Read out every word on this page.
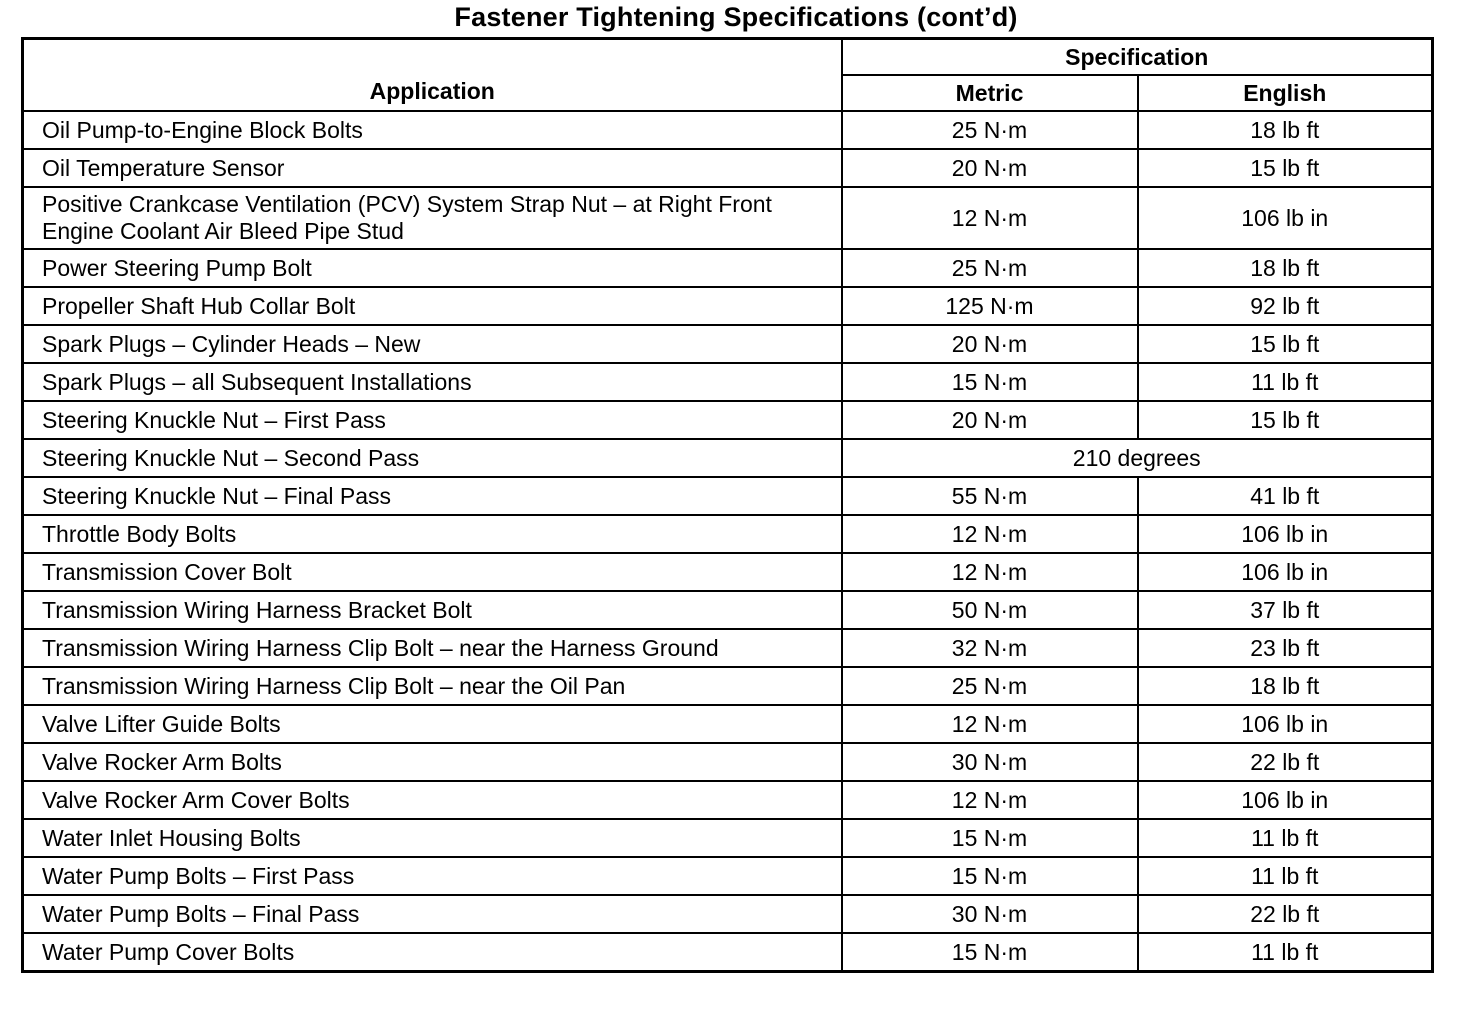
Fastener Tightening Specifications (cont’d)
Application	Specification	
	Metric	English
Oil Pump-to-Engine Block Bolts	25 N·m	18 lb ft
Oil Temperature Sensor	20 N·m	15 lb ft
Positive Crankcase Ventilation (PCV) System Strap Nut – at Right Front Engine Coolant Air Bleed Pipe Stud	12 N·m	106 lb in
Power Steering Pump Bolt	25 N·m	18 lb ft
Propeller Shaft Hub Collar Bolt	125 N·m	92 lb ft
Spark Plugs – Cylinder Heads – New	20 N·m	15 lb ft
Spark Plugs – all Subsequent Installations	15 N·m	11 lb ft
Steering Knuckle Nut – First Pass	20 N·m	15 lb ft
Steering Knuckle Nut – Second Pass	210 degrees	
Steering Knuckle Nut – Final Pass	55 N·m	41 lb ft
Throttle Body Bolts	12 N·m	106 lb in
Transmission Cover Bolt	12 N·m	106 lb in
Transmission Wiring Harness Bracket Bolt	50 N·m	37 lb ft
Transmission Wiring Harness Clip Bolt – near the Harness Ground	32 N·m	23 lb ft
Transmission Wiring Harness Clip Bolt – near the Oil Pan	25 N·m	18 lb ft
Valve Lifter Guide Bolts	12 N·m	106 lb in
Valve Rocker Arm Bolts	30 N·m	22 lb ft
Valve Rocker Arm Cover Bolts	12 N·m	106 lb in
Water Inlet Housing Bolts	15 N·m	11 lb ft
Water Pump Bolts – First Pass	15 N·m	11 lb ft
Water Pump Bolts – Final Pass	30 N·m	22 lb ft
Water Pump Cover Bolts	15 N·m	11 lb ft
